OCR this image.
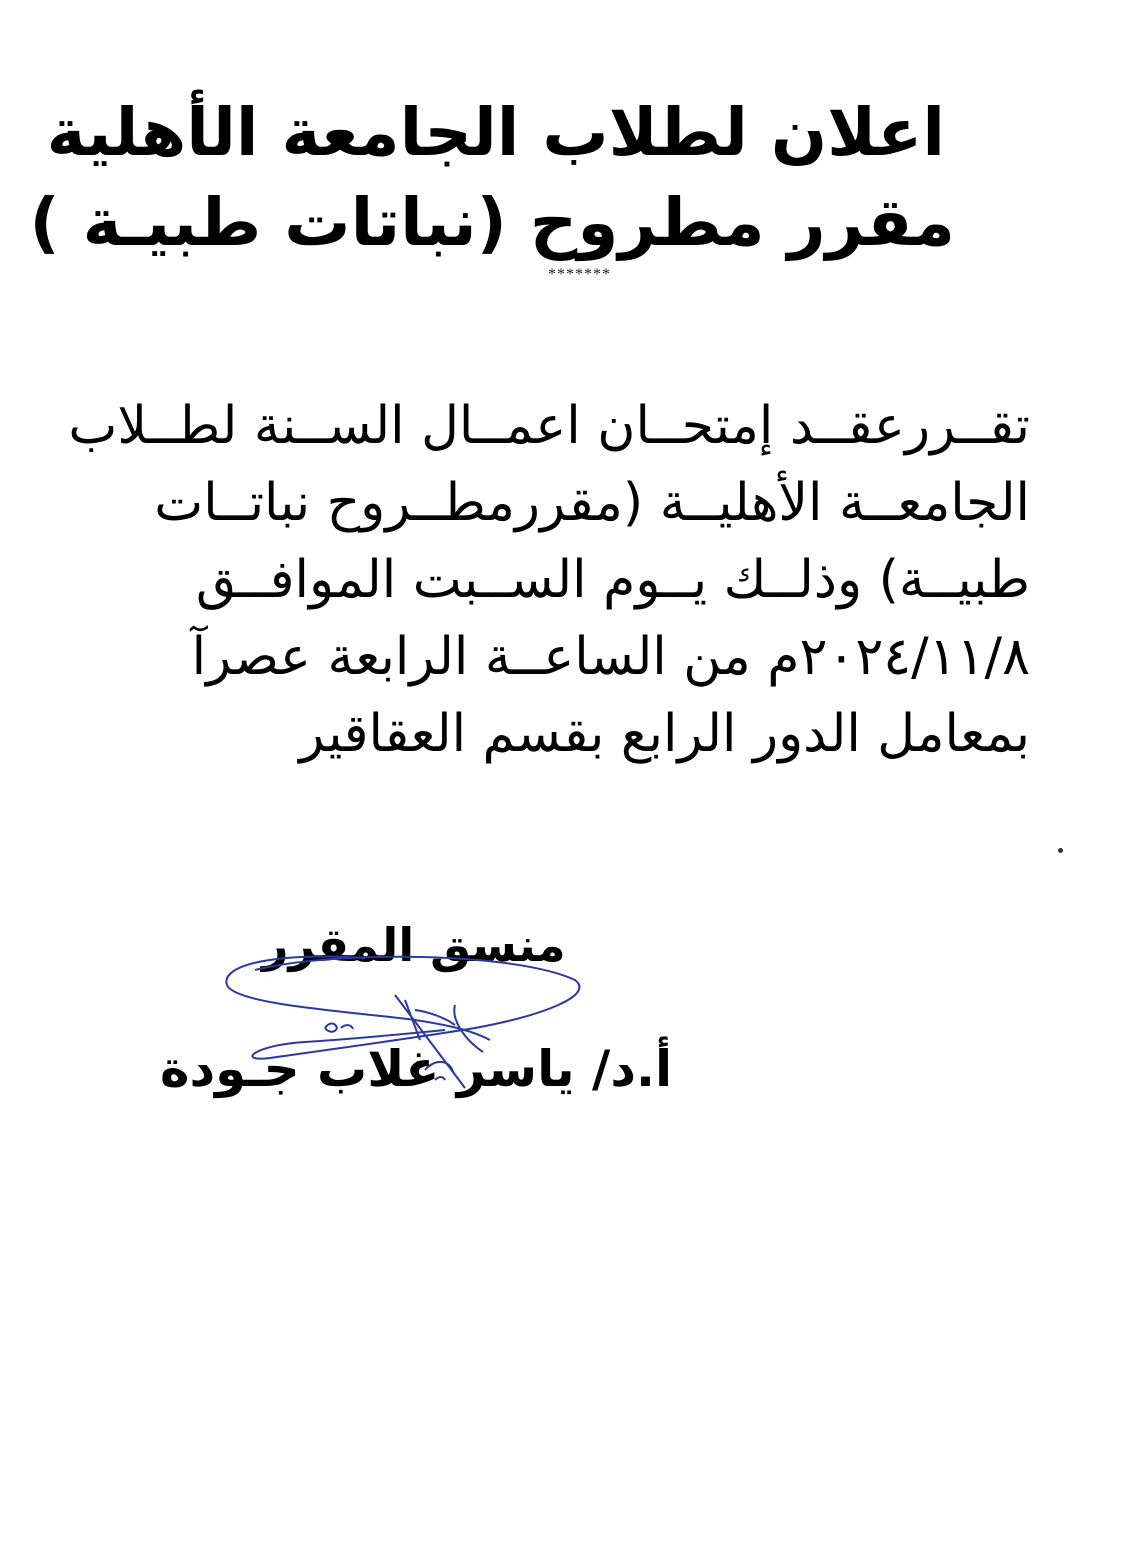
اعلان لطلاب الجامعة الأهلية
مقرر مطروح (نباتات طبيـة )
*******
تقــررعقــد إمتحــان اعمــال الســنة لطــلاب
الجامعــة الأهليــة (مقررمطــروح نباتــات
طبيــة) وذلــك يــوم الســبت الموافــق
٢٠٢٤/١١/٨م من الساعــة الرابعة عصرآ
بمعامل الدور الرابع بقسم العقاقير
منسق المقرر
أ.د/ ياسر غلاب جـودة
